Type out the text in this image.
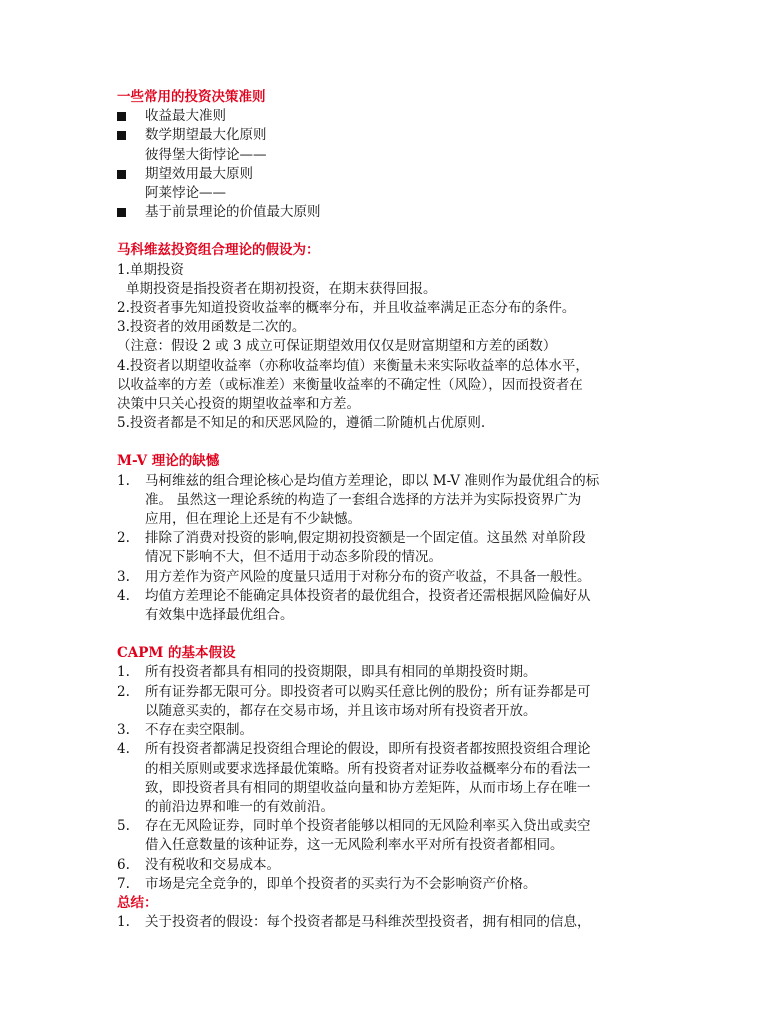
一些常用的投资决策准则
收益最大准则
数学期望最大化原则
彼得堡大街悖论——
期望效用最大原则
阿莱悖论——
基于前景理论的价值最大原则
马科维兹投资组合理论的假设为：
1.单期投资
单期投资是指投资者在期初投资，在期末获得回报。
2.投资者事先知道投资收益率的概率分布，并且收益率满足正态分布的条件。
3.投资者的效用函数是二次的。
（注意：假设 2 或 3 成立可保证期望效用仅仅是财富期望和方差的函数）
4.投资者以期望收益率（亦称收益率均值）来衡量未来实际收益率的总体水平，
以收益率的方差（或标准差）来衡量收益率的不确定性（风险），因而投资者在
决策中只关心投资的期望收益率和方差。
5.投资者都是不知足的和厌恶风险的，遵循二阶随机占优原则.
M-V 理论的缺憾
1. 马柯维兹的组合理论核心是均值方差理论，即以 M-V 准则作为最优组合的标
准。 虽然这一理论系统的构造了一套组合选择的方法并为实际投资界广为
应用，但在理论上还是有不少缺憾。
2. 排除了消费对投资的影响,假定期初投资额是一个固定值。这虽然 对单阶段
情况下影响不大，但不适用于动态多阶段的情况。
3. 用方差作为资产风险的度量只适用于对称分布的资产收益，不具备一般性。
4. 均值方差理论不能确定具体投资者的最优组合，投资者还需根据风险偏好从
有效集中选择最优组合。
CAPM 的基本假设
1. 所有投资者都具有相同的投资期限，即具有相同的单期投资时期。
2. 所有证券都无限可分。即投资者可以购买任意比例的股份；所有证券都是可
以随意买卖的，都存在交易市场，并且该市场对所有投资者开放。
3. 不存在卖空限制。
4. 所有投资者都满足投资组合理论的假设，即所有投资者都按照投资组合理论
的相关原则或要求选择最优策略。所有投资者对证券收益概率分布的看法一
致，即投资者具有相同的期望收益向量和协方差矩阵，从而市场上存在唯一
的前沿边界和唯一的有效前沿。
5. 存在无风险证券，同时单个投资者能够以相同的无风险利率买入贷出或卖空
借入任意数量的该种证券，这一无风险利率水平对所有投资者都相同。
6. 没有税收和交易成本。
7. 市场是完全竞争的，即单个投资者的买卖行为不会影响资产价格。
总结：
1. 关于投资者的假设：每个投资者都是马科维茨型投资者，拥有相同的信息，
